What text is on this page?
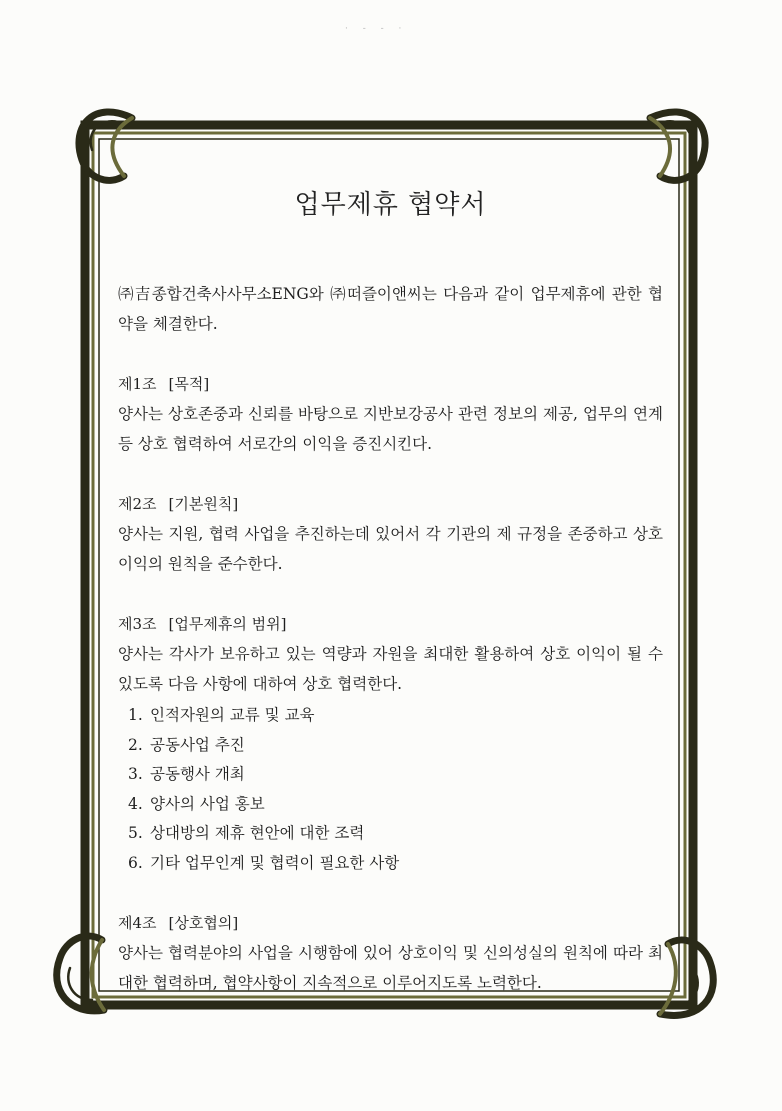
· ‐ ‐ ·
업무제휴 협약서

㈜吉종합건축사사무소ENG와 ㈜떠즐이앤씨는 다음과 같이 업무제휴에 관한 협약을 체결한다.

제1조 [목적]

양사는 상호존중과 신뢰를 바탕으로 지반보강공사 관련 정보의 제공, 업무의 연계 등 상호 협력하여 서로간의 이익을 증진시킨다.

제2조 [기본원칙]

양사는 지원, 협력 사업을 추진하는데 있어서 각 기관의 제 규정을 존중하고 상호이익의 원칙을 준수한다.

제3조 [업무제휴의 범위]

양사는 각사가 보유하고 있는 역량과 자원을 최대한 활용하여 상호 이익이 될 수 있도록 다음 사항에 대하여 상호 협력한다.

1. 인적자원의 교류 및 교육
2. 공동사업 추진
3. 공동행사 개최
4. 양사의 사업 홍보
5. 상대방의 제휴 현안에 대한 조력
6. 기타 업무인계 및 협력이 필요한 사항

제4조 [상호협의]

양사는 협력분야의 사업을 시행함에 있어 상호이익 및 신의성실의 원칙에 따라 최대한 협력하며, 협약사항이 지속적으로 이루어지도록 노력한다.
